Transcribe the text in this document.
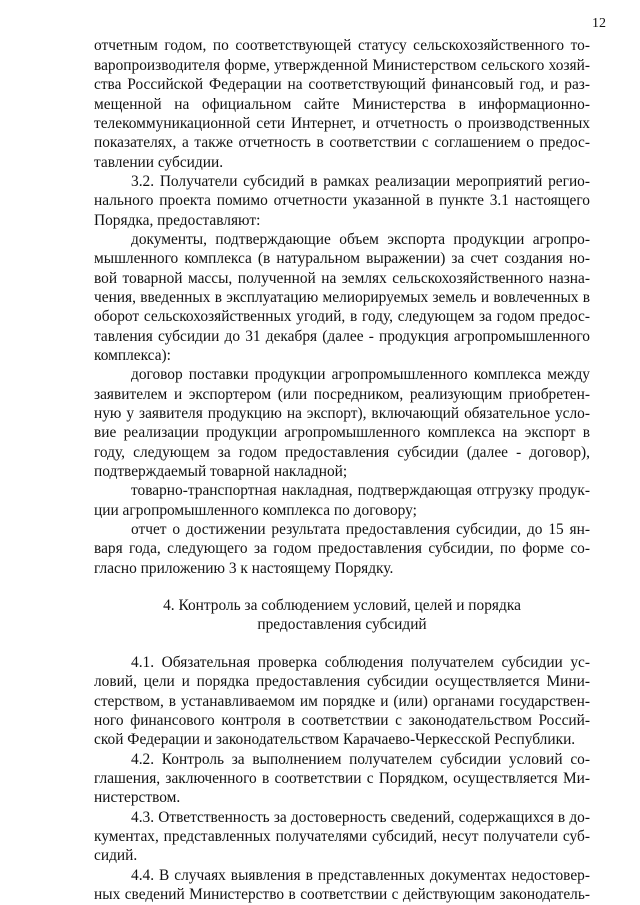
12
отчетным годом, по соответствующей статусу сельскохозяйственного то-
варопроизводителя форме, утвержденной Министерством сельского хозяй-
ства Российской Федерации на соответствующий финансовый год, и раз-
мещенной на официальном сайте Министерства в информационно-
телекоммуникационной сети Интернет, и отчетность о производственных
показателях, а также отчетность в соответствии с соглашением о предос-
тавлении субсидии.
3.2. Получатели субсидий в рамках реализации мероприятий регио-
нального проекта помимо отчетности указанной в пункте 3.1 настоящего
Порядка, предоставляют:
документы, подтверждающие объем экспорта продукции агропро-
мышленного комплекса (в натуральном выражении) за счет создания но-
вой товарной массы, полученной на землях сельскохозяйственного назна-
чения, введенных в эксплуатацию мелиорируемых земель и вовлеченных в
оборот сельскохозяйственных угодий, в году, следующем за годом предос-
тавления субсидии до 31 декабря (далее - продукция агропромышленного
комплекса):
договор поставки продукции агропромышленного комплекса между
заявителем и экспортером (или посредником, реализующим приобретен-
ную у заявителя продукцию на экспорт), включающий обязательное усло-
вие реализации продукции агропромышленного комплекса на экспорт в
году, следующем за годом предоставления субсидии (далее - договор),
подтверждаемый товарной накладной;
товарно-транспортная накладная, подтверждающая отгрузку продук-
ции агропромышленного комплекса по договору;
отчет о достижении результата предоставления субсидии, до 15 ян-
варя года, следующего за годом предоставления субсидии, по форме со-
гласно приложению 3 к настоящему Порядку.
4. Контроль за соблюдением условий, целей и порядка
предоставления субсидий
4.1. Обязательная проверка соблюдения получателем субсидии ус-
ловий, цели и порядка предоставления субсидии осуществляется Мини-
стерством, в устанавливаемом им порядке и (или) органами государствен-
ного финансового контроля в соответствии с законодательством Россий-
ской Федерации и законодательством Карачаево-Черкесской Республики.
4.2. Контроль за выполнением получателем субсидии условий со-
глашения, заключенного в соответствии с Порядком, осуществляется Ми-
нистерством.
4.3. Ответственность за достоверность сведений, содержащихся в до-
кументах, представленных получателями субсидий, несут получатели суб-
сидий.
4.4. В случаях выявления в представленных документах недостовер-
ных сведений Министерство в соответствии с действующим законодатель-
